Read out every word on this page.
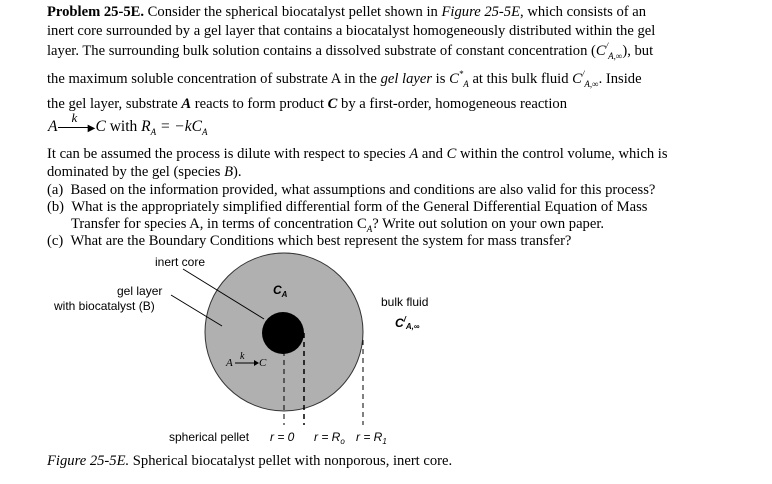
Problem 25-5E. Consider the spherical biocatalyst pellet shown in Figure 25-5E, which consists of an
inert core surrounded by a gel layer that contains a biocatalyst homogeneously distributed within the gel
layer. The surrounding bulk solution contains a dissolved substrate of constant concentration $(C^/_{A,\infty})$, but
the maximum soluble concentration of substrate A in the gel layer is $C^*_A$ at this bulk fluid $C^/_{A,\infty}$. Inside
the gel layer, substrate A reacts to form product C by a first-order, homogeneous reaction
A
k
▶C with $R_A = -kC_A$
It can be assumed the process is dilute with respect to species A and C within the control volume, which is
dominated by the gel (species B).
(a) Based on the information provided, what assumptions and conditions are also valid for this process?
(b) What is the appropriately simplified differential form of the General Differential Equation of Mass
Transfer for species A, in terms of concentration $C_A$? Write out solution on your own paper.
(c) What are the Boundary Conditions which best represent the system for mass transfer?
inert core
gel layer
with biocatalyst (B)	bulk fluid
$C_A$
$C^/_{A,\infty}$
A
k
C
spherical pellet r = 0 $r = R_o$ $r = R_1$
Figure 25-5E. Spherical biocatalyst pellet with nonporous, inert core.
